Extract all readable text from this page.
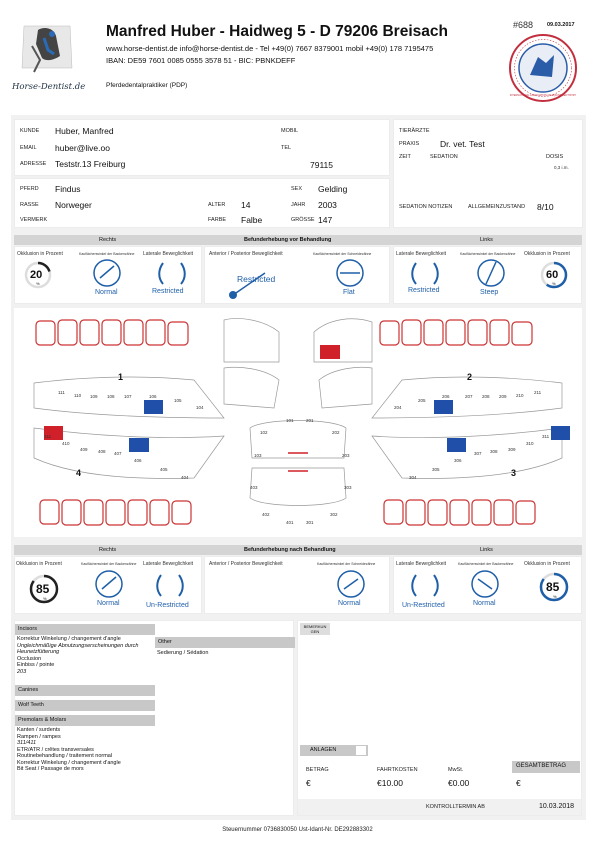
Horse-Dentist.de
Manfred Huber - Haidweg 5 - D 79206 Breisach
www.horse-dentist.de info@horse-dentist.de - Tel +49(0) 7667 8379001 mobil +49(0) 178 7195475
IBAN: DE59 7601 0085 0555 3578 51 - BIC: PBNKDEFF
Pferdedentalpraktiker (PDP)
#688	09.03.2017
INTERNATIONAL ASSOCIATION OF EQUINE DENTISTRY
KUNDE Huber, Manfred
EMAIL huber@live.oo
ADRESSE Teststr.13 Freiburg	79115
MOBIL
TEL
PFERD Findus
RASSE Norweger
VERMERK
ALTER 14
FARBE Falbe
SEX Gelding
JAHR 2003
GRÖSSE 147
TIERÄRZTE
PRAXIS Dr. vet. Test
ZEIT	SEDATION	DOSIS
0,3 i.m.
SEDATION NOTIZEN	ALLGEMEINZUSTAND 8/10
Rechts	Befunderhebung vor Behandlung	Links
Okklusion in Prozent	Kauflächenwinkel der Backenzähne Laterale Beweglichkeit
20
%
Normal	Restricted
Anterior / Posterior Beweglichkeit	Kauflächenwinkel der Schneidezähne
Restricted
Flat
Laterale Beweglichkeit	Kauflächenwinkel der Backenzähne Okklusion in Prozent
Restricted	Steep
60
%
1	2
3
4
111
110 109 108 107	106
105
104	204
205
206	207 208 209 210
211
411
410
409 408 407
406
405
404	304
305
306
307 308 309
310
311
101	201
102	202
103	203
403	303
402	302
401	301
Rechts	Befunderhebung nach Behandlung	Links
Okklusion in Prozent	Kauflächenwinkel der Backenzähne Laterale Beweglichkeit
85
%
Normal	Un-Restricted
Anterior / Posterior Beweglichkeit	Kauflächenwinkel der Schneidezähne
Normal
Laterale Beweglichkeit	Kauflächenwinkel der Backenzähne Okklusion in Prozent
Un-Restricted	Normal
85
%
Incisors
Korrektur Winkelung / changement d'angle
Ungleichmäßige Abnutzungserscheinungen durch Heunetzfütterung
Occlusion
Einbiss / pointe
203
Canines
Wolf Teeth
Premolars & Molars
Kanten / surdents
Rampen / rampes
311/411
ETR/ATR / crêtes transversales
Routinebehandlung / traitement normal
Korrektur Winkelung / changement d'angle
Bit Seat / Passage de mors
Other
Sedierung / Sédation
BEMERKUN GEN
ANLAGEN
BETRAG
€
FAHRTKOSTEN
€10.00
MwSt.
€0.00
GESAMTBETRAG
€
KONTROLLTERMIN AB	10.03.2018
Steuernummer 0736830050 Ust-Idant-Nr. DE292883302
